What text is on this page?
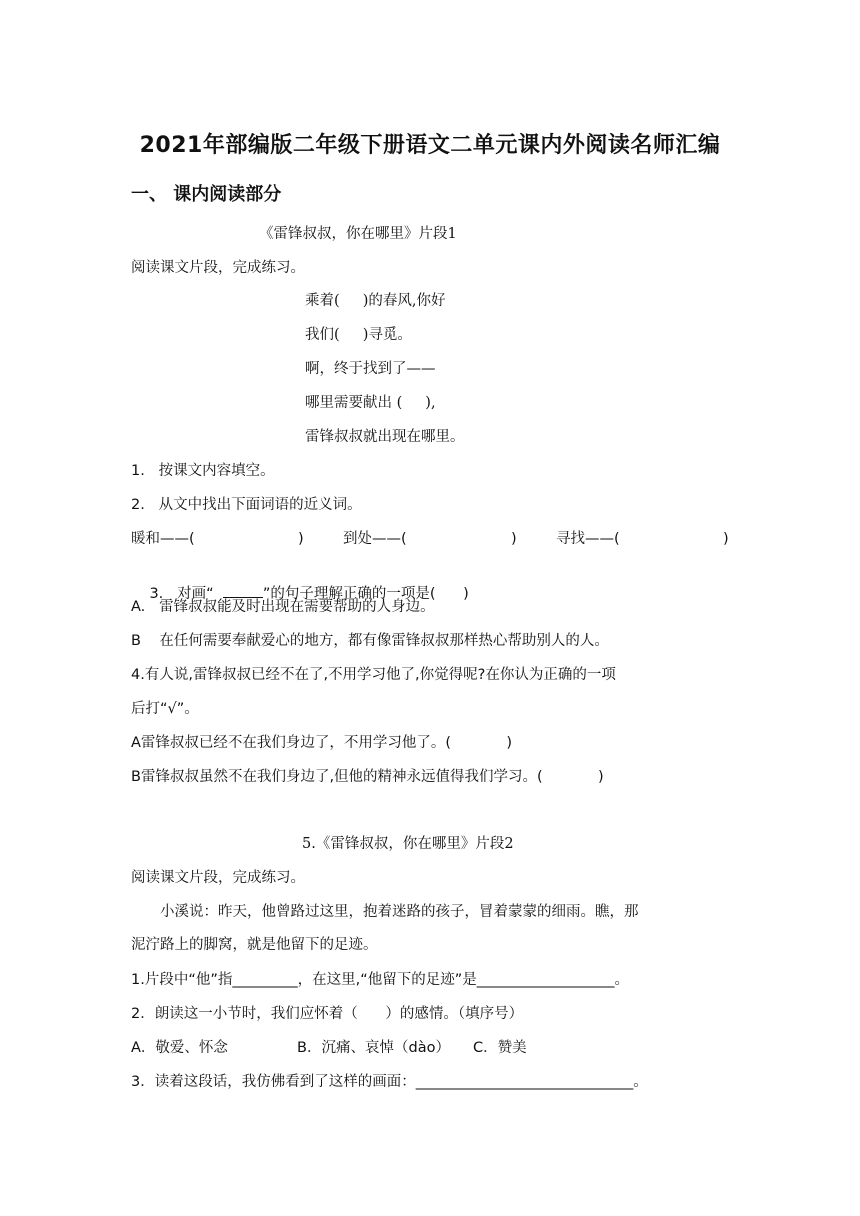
2021年部编版二年级下册语文二单元课内外阅读名师汇编
一、 课内阅读部分
《雷锋叔叔，你在哪里》片段1
阅读课文片段，完成练习。
乘着(     )的春风,你好
我们(     )寻觅。
啊，终于找到了——
哪里需要献出 (     ),
雷锋叔叔就出现在哪里。
1.   按课文内容填空。
2.   从文中找出下面词语的近义词。
暖和——(	)	到处——(	)	寻找——(	)

3.   对画“	”的句子理解正确的一项是(      )

A.   雷锋叔叔能及时出现在需要帮助的人身边。
B    在任何需要奉献爱心的地方，都有像雷锋叔叔那样热心帮助别人的人。
4.有人说,雷锋叔叔已经不在了,不用学习他了,你觉得呢?在你认为正确的一项
后打“√”。
A雷锋叔叔已经不在我们身边了，不用学习他了。(            )
B雷锋叔叔虽然不在我们身边了,但他的精神永远值得我们学习。(            )
5.《雷锋叔叔，你在哪里》片段2
阅读课文片段，完成练习。
小溪说：昨天，他曾路过这里，抱着迷路的孩子，冒着蒙蒙的细雨。瞧，那
泥泞路上的脚窝，就是他留下的足迹。
1.片段中“他”指_________，在这里,“他留下的足迹”是___________________。
2．朗读这一小节时，我们应怀着（      ）的感情。（填序号）
A．敬爱、怀念               B．沉痛、哀悼（dào）     C．赞美
3．读着这段话，我仿佛看到了这样的画面：______________________________。
